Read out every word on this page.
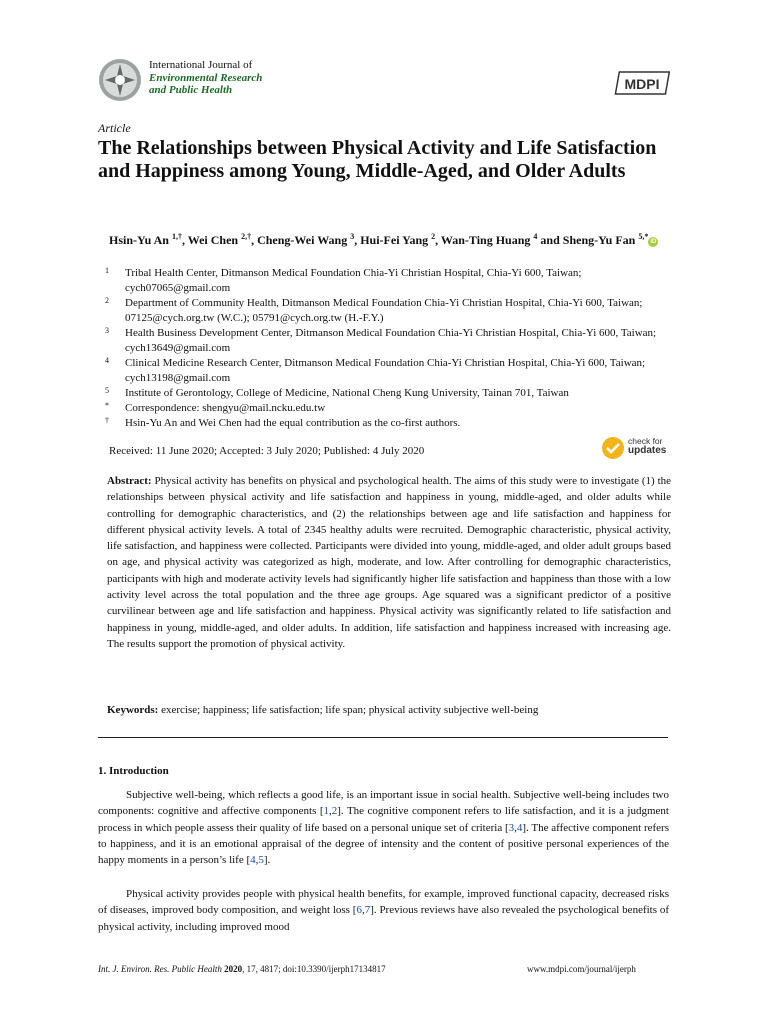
International Journal of
Environmental Research
and Public Health	MDPI
Article
The Relationships between Physical Activity and Life Satisfaction and Happiness among Young, Middle-Aged, and Older Adults
Hsin-Yu An $^{1,\dagger}$, Wei Chen $^{2,\dagger}$, Cheng-Wei Wang $^3$, Hui-Fei Yang $^2$, Wan-Ting Huang $^4$ and Sheng-Yu Fan $^{5,*}$iD
1 Tribal Health Center, Ditmanson Medical Foundation Chia-Yi Christian Hospital, Chia-Yi 600, Taiwan; cych07065@gmail.com
2 Department of Community Health, Ditmanson Medical Foundation Chia-Yi Christian Hospital, Chia-Yi 600, Taiwan; 07125@cych.org.tw (W.C.); 05791@cych.org.tw (H.-F.Y.)
3 Health Business Development Center, Ditmanson Medical Foundation Chia-Yi Christian Hospital, Chia-Yi 600, Taiwan; cych13649@gmail.com
4 Clinical Medicine Research Center, Ditmanson Medical Foundation Chia-Yi Christian Hospital, Chia-Yi 600, Taiwan; cych13198@gmail.com
5 Institute of Gerontology, College of Medicine, National Cheng Kung University, Tainan 701, Taiwan
* Correspondence: shengyu@mail.ncku.edu.tw
† Hsin-Yu An and Wei Chen had the equal contribution as the co-first authors.
Received: 11 June 2020; Accepted: 3 July 2020; Published: 4 July 2020
check for
updates
Abstract: Physical activity has benefits on physical and psychological health. The aims of this study were to investigate (1) the relationships between physical activity and life satisfaction and happiness in young, middle-aged, and older adults while controlling for demographic characteristics, and (2) the relationships between age and life satisfaction and happiness for different physical activity levels. A total of 2345 healthy adults were recruited. Demographic characteristic, physical activity, life satisfaction, and happiness were collected. Participants were divided into young, middle-aged, and older adult groups based on age, and physical activity was categorized as high, moderate, and low. After controlling for demographic characteristics, participants with high and moderate activity levels had significantly higher life satisfaction and happiness than those with a low activity level across the total population and the three age groups. Age squared was a significant predictor of a positive curvilinear between age and life satisfaction and happiness. Physical activity was significantly related to life satisfaction and happiness in young, middle-aged, and older adults. In addition, life satisfaction and happiness increased with increasing age. The results support the promotion of physical activity.
Keywords: exercise; happiness; life satisfaction; life span; physical activity subjective well-being
1. Introduction
Subjective well-being, which reflects a good life, is an important issue in social health. Subjective well-being includes two components: cognitive and affective components [1,2]. The cognitive component refers to life satisfaction, and it is a judgment process in which people assess their quality of life based on a personal unique set of criteria [3,4]. The affective component refers to happiness, and it is an emotional appraisal of the degree of intensity and the content of positive personal experiences of the happy moments in a person’s life [4,5].
Physical activity provides people with physical health benefits, for example, improved functional capacity, decreased risks of diseases, improved body composition, and weight loss [6,7]. Previous reviews have also revealed the psychological benefits of physical activity, including improved mood
Int. J. Environ. Res. Public Health 2020, 17, 4817; doi:10.3390/ijerph17134817	www.mdpi.com/journal/ijerph
